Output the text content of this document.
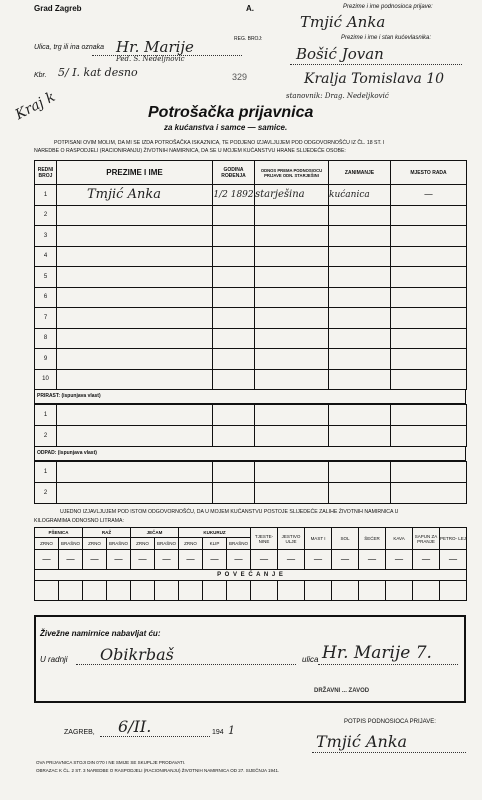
Grad Zagreb	A.	Prezime i ime podnosioca prijave:
Tmjić Anka
REG. BROJ:	Prezime i ime i stan kućevlasnika:
Ulica, trg ili ina oznaka Hr. Marije
Ped. S. Nedeljnovic	Bošić Jovan
Kbr. 5/ I. kat desno	329	Kralja Tomislava 10
stanovnik: Drag. Nedeljković
Kraj k	Potrošačka prijavnica
za kućanstva i samce — samice.
POTPISANI OVIM MOLIM, DA MI SE IZDA POTROŠAČKA ISKAZNICA, TE PODJENO IZJAVLJUJEM POD ODGOVORNOŠĆU IZ ČL. 18 ST. I
NAREDBE O RASPODJELI (RACIONIRANJU) ŽIVOTNIH NAMIRNICA, DA SE U MOJEM KUĆANSTVU HRANE SLIJEDEĆE OSOBE:
REDNI BROJ	PREZIME I IME	GODINA ROĐENJA	ODNOS PREMA PODNOSIOCU PRIJAVE ODN. STARJEŠINI	ZANIMANJE	MJESTO RADA
1	Tmjić Anka	1/2 1892	starješina	kućanica	—
2					
3					
4					
5					
6					
7					
8					
9					
10					
PRIRAST: (ispunjava vlast)
1					
2					
ODPAD: (ispunjava vlast)
1					
2					
UJEDNO IZJAVLJUJEM POD ISTOM ODGOVORNOŠĆU, DA U MOJEM KUĆANSTVU POSTOJE SLIJEDEĆE ZALIHE ŽIVOTNIH NAMIRNICA U
KILOGRAMIMA ODNOSNO LITRAMA:
PŠENICA		RAŽ		JEČAM		KUKURUZ			TJESTE- NINE	JESTIVO ULJE	MAST I	SOL	ŠEĆER	KAVA	SAPUN ZA PRANJE	PETRO- LEJ
ZRNO	BRAŠNO	ZRNO	BRAŠNO	ZRNO	BRAŠNO	ZRNO	KLIP	BRAŠNO								
—	—	—	—	—	—	—	—	—	—	—	—	—	—	—	—	—
P O V E Ć A N J E																

Živežne namirnice nabavljat ću:
U radnji Obikrbaš	ulica Hr. Marije 7.
DRŽAVNI ... ZAVOD
ZAGREB, 6/II.	194 1
POTPIS PODNOSIOCA PRIJAVE:
Tmjić Anka
OVA PRIJAVNICA STOJI DIN 0'70 I NE SMIJE SE SKUPLJE PRODAVATI.
OBRAZAC K ČL. 2 ST. 3 NAREDBE O RASPODJELI (RACIONIRANJU) ŽIVOTNIH NAMIRNICA OD 27. SIJEČNJA 1941.
